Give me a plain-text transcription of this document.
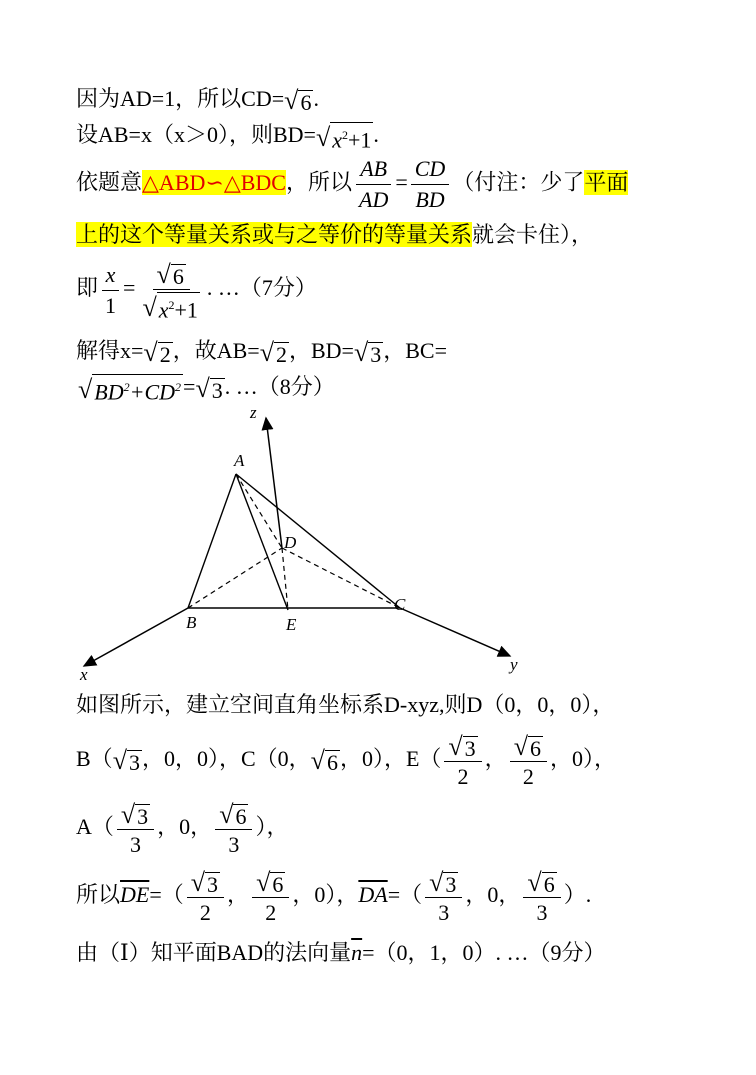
因为AD=1，所以CD= √ 6 .
设AB=x（x＞0），则BD= √ $x^2+1$ .
依题意△ABD∽△BDC，所以 $\frac{AB}{AD} = \frac{CD}{BD}$ （付注：少了平面
上的这个等量关系或与之等价的等量关系就会卡住），
即 $\frac{x}{1} = \frac{√ 6}{√ x^2+1}$ . …（7分）
解得x= √ 2 ，故AB= √ 2 ，BD= √ 3 ，BC=
√ $BD^2+CD^2$ = √ 3 . …（8分）
z
A
D
B	E
C
x
y
如图所示，建立空间直角坐标系D-xyz,则D（0，0，0），
B（ √ 3 ，0，0），C（0， √ 6 ，0），$E( \frac{√ 3}{2}$ ， $\frac{√ 6}{2}$ ，0），
$A( \frac{√ 3}{3}$ ，0， $\frac{√ 6}{3}$ ），
所以$\overline{DE}=( \frac{√ 3}{2}$ ， $\frac{√ 6}{2}$ ，0），$\overline{DA}=( \frac{√ 3}{3}$ ，0， $\frac{√ 6}{3}$ ）.
由（Ⅰ）知平面BAD的法向量$\overline{n}=(0$，1，0）. …（9分）
